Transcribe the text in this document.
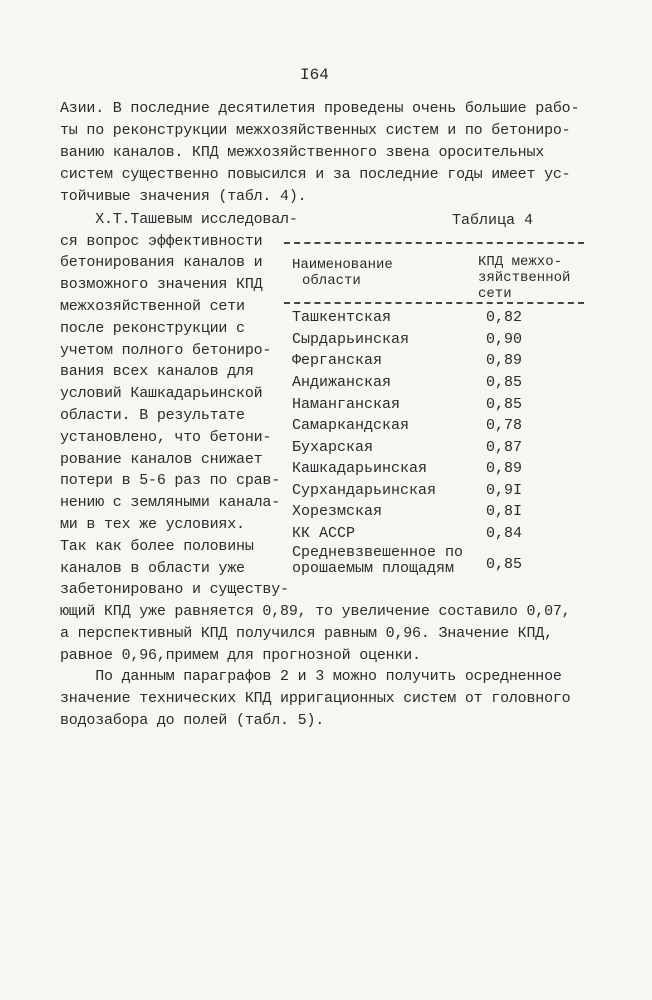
I64
Азии. В последние десятилетия проведены очень большие рабо-
ты по реконструкции межхозяйственных систем и по бетониро-
ванию каналов. КПД межхозяйственного звена оросительных
систем существенно повысился и за последние годы имеет ус-
тойчивые значения (табл. 4).
Х.Т.Ташевым исследовал-
ся вопрос эффективности
бетонирования каналов и
возможного значения КПД
межхозяйственной сети
после реконструкции с
учетом полного бетониро-
вания всех каналов для
условий Кашкадарьинской
области. В результате
установлено, что бетони-
рование каналов снижает
потери в 5-6 раз по срав-
нению с земляными канала-
ми в тех же условиях.
Так как более половины
каналов в области уже
забетонировано и существу-
ющий КПД уже равняется 0,89, то увеличение составило 0,07,
а перспективный КПД получился равным 0,96. Значение КПД,
равное 0,96,примем для прогнозной оценки.
По данным параграфов 2 и 3 можно получить осредненное
значение технических КПД ирригационных систем от головного
водозабора до полей (табл. 5).
Таблица 4
Наименование
области
КПД межхо-
зяйственной
сети
Ташкентская	0,82
Сырдарьинская	0,90
Ферганская	0,89
Андижанская	0,85
Наманганская	0,85
Самаркандская	0,78
Бухарская	0,87
Кашкадарьинская	0,89
Сурхандарьинская	0,9I
Хорезмская	0,8I
КК АССР	0,84
Средневзвешенное по
орошаемым площадям	0,85
